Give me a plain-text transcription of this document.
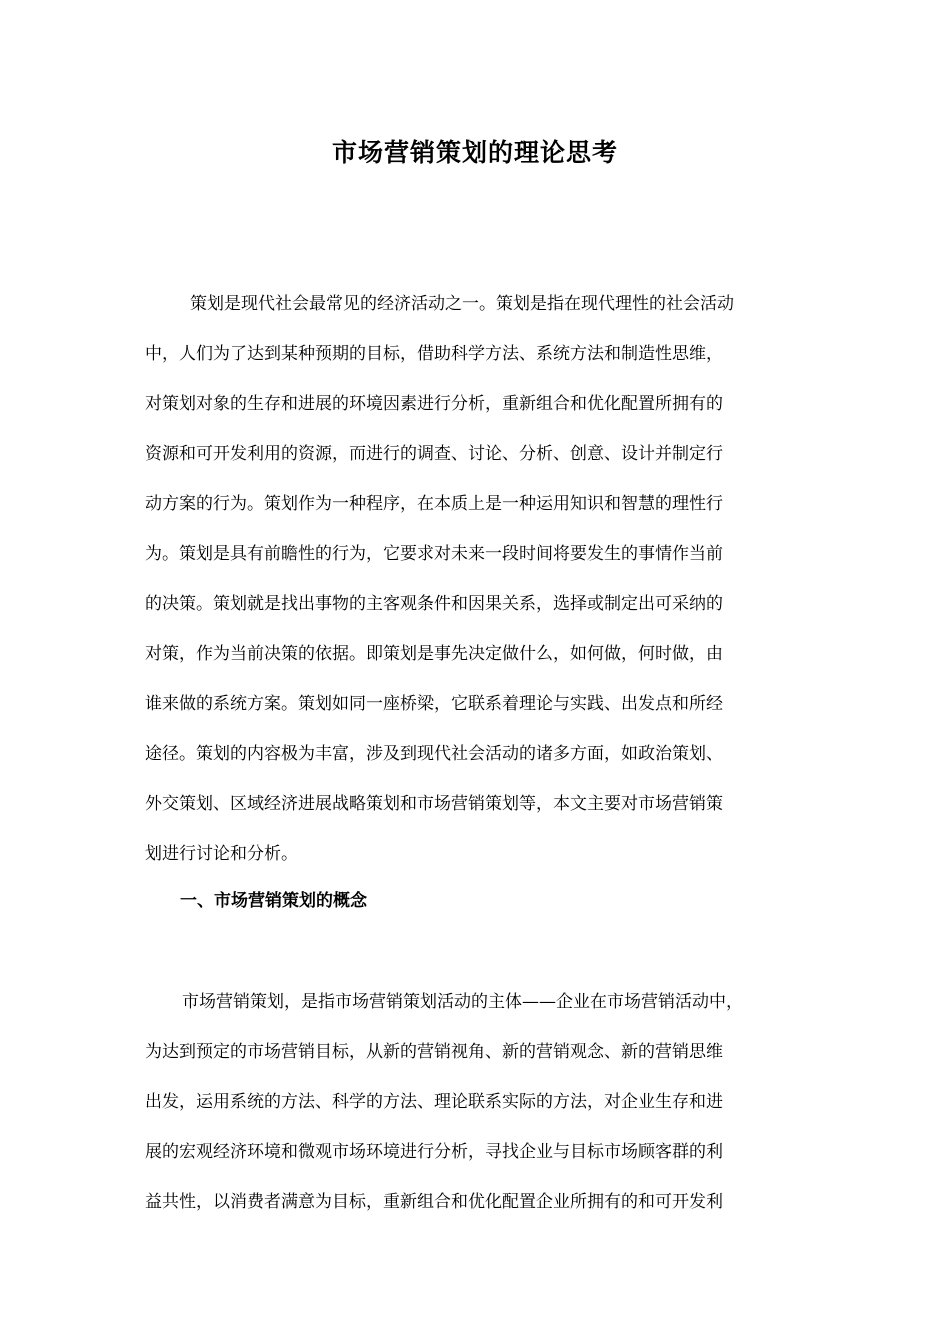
市场营销策划的理论思考
策划是现代社会最常见的经济活动之一。策划是指在现代理性的社会活动
中，人们为了达到某种预期的目标，借助科学方法、系统方法和制造性思维，
对策划对象的生存和进展的环境因素进行分析，重新组合和优化配置所拥有的
资源和可开发利用的资源，而进行的调查、讨论、分析、创意、设计并制定行
动方案的行为。策划作为一种程序，在本质上是一种运用知识和智慧的理性行
为。策划是具有前瞻性的行为，它要求对未来一段时间将要发生的事情作当前
的决策。策划就是找出事物的主客观条件和因果关系，选择或制定出可采纳的
对策，作为当前决策的依据。即策划是事先决定做什么，如何做，何时做，由
谁来做的系统方案。策划如同一座桥梁，它联系着理论与实践、出发点和所经
途径。策划的内容极为丰富，涉及到现代社会活动的诸多方面，如政治策划、
外交策划、区域经济进展战略策划和市场营销策划等，本文主要对市场营销策
划进行讨论和分析。
一、市场营销策划的概念
市场营销策划，是指市场营销策划活动的主体——企业在市场营销活动中，
为达到预定的市场营销目标，从新的营销视角、新的营销观念、新的营销思维
出发，运用系统的方法、科学的方法、理论联系实际的方法，对企业生存和进
展的宏观经济环境和微观市场环境进行分析，寻找企业与目标市场顾客群的利
益共性，以消费者满意为目标，重新组合和优化配置企业所拥有的和可开发利
